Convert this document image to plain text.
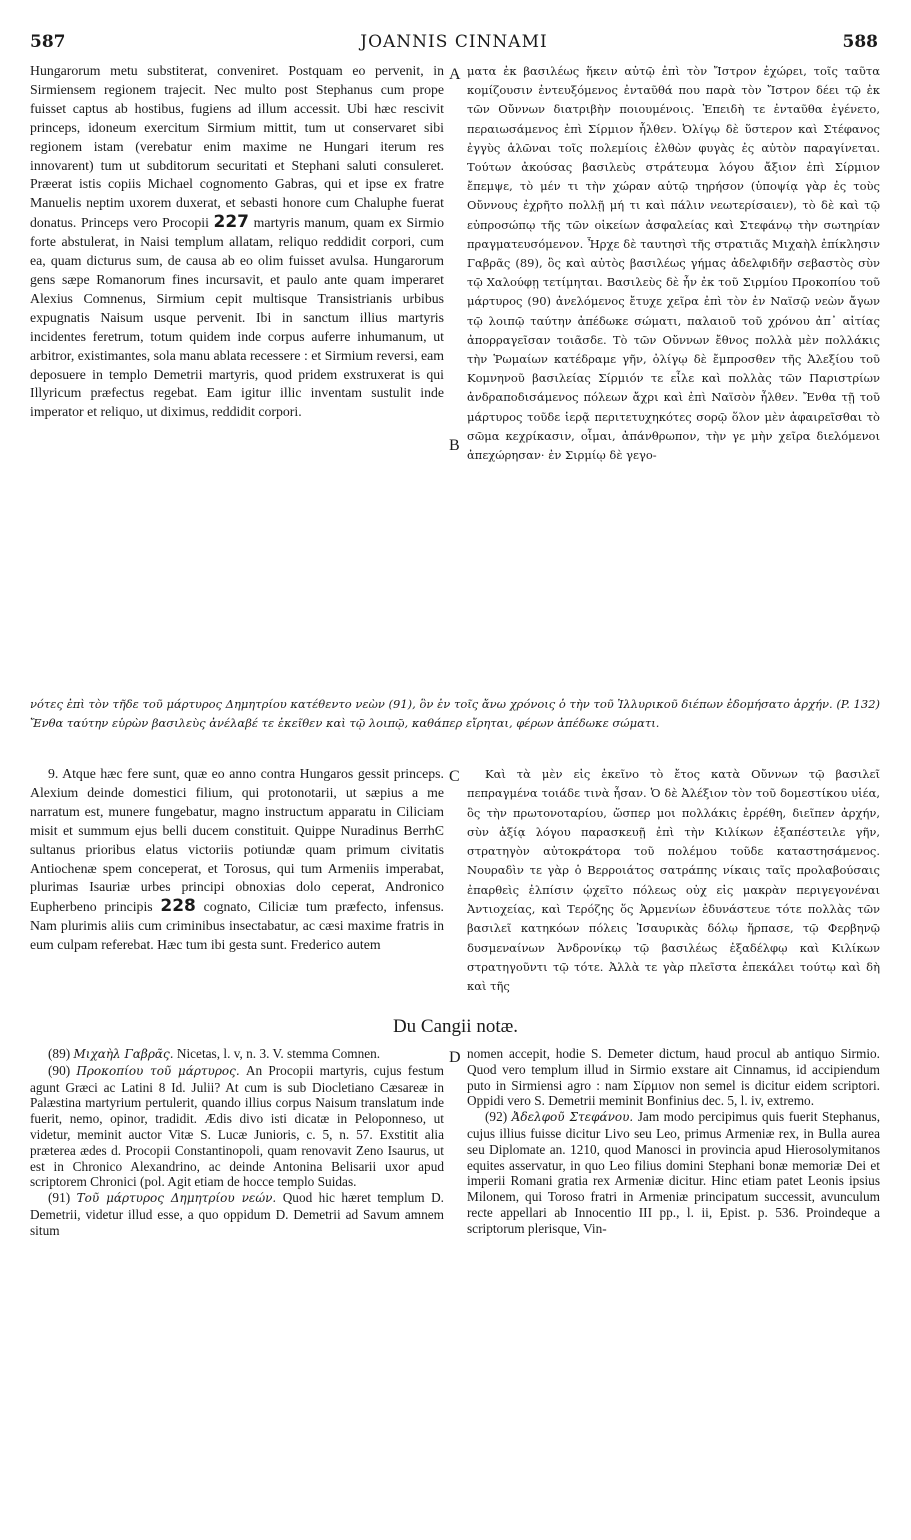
587	JOANNIS CINNAMI	588

Hungarorum metu substiterat, conveniret. Postquam eo pervenit, in Sirmiensem regionem trajecit. Nec multo post Stephanus cum prope fuisset captus ab hostibus, fugiens ad illum accessit. Ubi hæc rescivit princeps, idoneum exercitum Sirmium mittit, tum ut conservaret sibi regionem istam (verebatur enim maxime ne Hungari iterum res innovarent) tum ut subditorum securitati et Stephani saluti consuleret. Præerat istis copiis Michael cognomento Gabras, qui et ipse ex fratre Manuelis neptim uxorem duxerat, et sebasti honore cum Chaluphe fuerat donatus. Princeps vero Procopii 227 martyris manum, quam ex Sirmio forte abstulerat, in Naisi templum allatam, reliquo reddidit corpori, cum ea, quam dicturus sum, de causa ab eo olim fuisset avulsa. Hungarorum gens sæpe Romanorum fines incursavit, et paulo ante quam imperaret Alexius Comnenus, Sirmium cepit multisque Transistrianis urbibus expugnatis Naisum usque pervenit. Ibi in sanctum illius martyris incidentes feretrum, totum quidem inde corpus auferre inhumanum, ut arbitror, existimantes, sola manu ablata recessere : et Sirmium reversi, eam deposuere in templo Demetrii martyris, quod pridem exstruxerat is qui Illyricum præfectus regebat. Eam igitur illic inventam sustulit inde imperator et reliquo, ut diximus, reddidit corpori.

A
B

ματα ἐκ βασιλέως ἥκειν αὐτῷ ἐπὶ τὸν Ἴστρον ἐχώρει, τοῖς ταῦτα κομίζουσιν ἐντευξόμενος ἐνταῦθά που παρὰ τὸν Ἴστρον δέει τῷ ἐκ τῶν Οὔννων διατριβὴν ποιουμένοις. Ἐπειδὴ τε ἐνταῦθα ἐγένετο, περαιωσάμενος ἐπὶ Σίρμιον ἦλθεν. Ὀλίγῳ δὲ ὕστερον καὶ Στέφανος ἐγγὺς ἁλῶναι τοῖς πολεμίοις ἐλθὼν φυγὰς ἐς αὐτὸν παραγίνεται. Τούτων ἀκούσας βασιλεὺς στράτευμα λόγου ἄξιον ἐπὶ Σίρμιον ἔπεμψε, τὸ μέν τι τὴν χώραν αὐτῷ τηρήσον (ὑποψίᾳ γὰρ ἐς τοὺς Οὔννους ἐχρῆτο πολλῇ μή τι καὶ πάλιν νεωτερίσαιεν), τὸ δὲ καὶ τῷ εὐπροσώπῳ τῆς τῶν οἰκείων ἀσφαλείας καὶ Στεφάνῳ τὴν σωτηρίαν πραγματευσόμενον. Ἦρχε δὲ ταυτησὶ τῆς στρατιᾶς Μιχαὴλ ἐπίκλησιν Γαβρᾶς (89), ὃς καὶ αὐτὸς βασιλέως γήμας ἀδελφιδῆν σεβαστὸς σὺν τῷ Χαλούφῃ τετίμηται. Βασιλεὺς δὲ ἦν ἐκ τοῦ Σιρμίου Προκοπίου τοῦ μάρτυρος (90) ἀνελόμενος ἔτυχε χεῖρα ἐπὶ τὸν ἐν Ναϊσῷ νεὼν ἄγων τῷ λοιπῷ ταύτην ἀπέδωκε σώματι, παλαιοῦ τοῦ χρόνου ἀπ᾽ αἰτίας ἀπορραγεῖσαν τοιᾶσδε. Τὸ τῶν Οὔννων ἔθνος πολλὰ μὲν πολλάκις τὴν Ῥωμαίων κατέδραμε γῆν, ὀλίγῳ δὲ ἔμπροσθεν τῆς Ἀλεξίου τοῦ Κομνηνοῦ βασιλείας Σίρμιόν τε εἷλε καὶ πολλὰς τῶν Παριστρίων ἀνδραποδισάμενος πόλεων ἄχρι καὶ ἐπὶ Ναϊσὸν ἦλθεν. Ἔνθα τῇ τοῦ μάρτυρος τοῦδε ἱερᾷ περιτετυχηκότες σορῷ ὅλον μὲν ἀφαιρεῖσθαι τὸ σῶμα κεχρίκασιν, οἶμαι, ἀπάνθρωπον, τὴν γε μὴν χεῖρα διελόμενοι ἀπεχώρησαν· ἐν Σιρμίῳ δὲ γεγο-

νότες ἐπὶ τὸν τῆδε τοῦ μάρτυρος Δημητρίου κατέθεντο νεὼν (91), ὃν ἐν τοῖς ἄνω χρόνοις ὁ τὴν τοῦ Ἰλλυρικοῦ διέπων ἐδομήσατο ἀρχήν. (P. 132) Ἔνθα ταύτην εὑρὼν βασιλεὺς ἀνέλαβέ τε ἐκεῖθεν καὶ τῷ λοιπῷ, καθάπερ εἴρηται, φέρων ἀπέδωκε σώματι.

9. Atque hæc fere sunt, quæ eo anno contra Hungaros gessit princeps. Alexium deinde domestici filium, qui protonotarii, ut sæpius a me narratum est, munere fungebatur, magno instructum apparatu in Ciliciam misit et summum ejus belli ducem constituit. Quippe Nuradinus BerrhϾ sultanus prioribus elatus victoriis potiundæ quam primum civitatis Antiochenæ spem conceperat, et Torosus, qui tum Armeniis imperabat, plurimas Isauriæ urbes principi obnoxias dolo ceperat, Andronico Eupherbeno principis 228 cognato, Ciliciæ tum præfecto, infensus. Nam plurimis aliis cum criminibus insectabatur, ac cæsi maxime fratris in eum culpam referebat. Hæc tum ibi gesta sunt. Frederico autem

C	Καὶ τὰ μὲν εἰς ἐκεῖνο τὸ ἔτος κατὰ Οὔννων τῷ βασιλεῖ πεπραγμένα τοιάδε τινὰ ἦσαν. Ὁ δὲ Ἀλέξιον τὸν τοῦ δομεστίκου υἱέα, ὃς τὴν πρωτονοταρίου, ὥσπερ μοι πολλάκις ἐρρέθη, διεῖπεν ἀρχήν, σὺν ἀξίᾳ λόγου παρασκευῇ ἐπὶ τὴν Κιλίκων ἐξαπέστειλε γῆν, στρατηγὸν αὐτοκράτορα τοῦ πολέμου τοῦδε καταστησάμενος. Νουραδὶν τε γὰρ ὁ Βερροιάτος σατράπης νίκαις ταῖς προλαβούσαις ἐπαρθεὶς ἐλπίσιν ᾠχεῖτο πόλεως οὐχ εἰς μακρὰν περιγεγονέναι Ἀντιοχείας, καὶ Τερόζης ὅς Ἀρμενίων ἐδυνάστευε τότε πολλὰς τῶν βασιλεῖ κατηκόων πόλεις Ἰσαυρικὰς δόλῳ ἥρπασε, τῷ Φερβηνῷ δυσμεναίνων Ἀνδρονίκῳ τῷ βασιλέως ἐξαδέλφῳ καὶ Κιλίκων στρατηγοῦντι τῷ τότε. Ἀλλὰ τε γὰρ πλεῖστα ἐπεκάλει τούτῳ καὶ δὴ καὶ τῆς

Du Cangii notæ.

(89) Μιχαὴλ Γαβρᾶς. Nicetas, l. v, n. 3. V. stemma Comnen.

(90) Προκοπίου τοῦ μάρτυρος. An Procopii martyris, cujus festum agunt Græci ac Latini 8 Id. Julii? At cum is sub Diocletiano Cæsareæ in Palæstina martyrium pertulerit, quando illius corpus Naisum translatum inde fuerit, nemo, opinor, tradidit. Ædis divo isti dicatæ in Peloponneso, ut videtur, meminit auctor Vitæ S. Lucæ Junioris, c. 5, n. 57. Exstitit alia præterea ædes d. Procopii Constantinopoli, quam renovavit Zeno Isaurus, ut est in Chronico Alexandrino, ac deinde Antonina Belisarii uxor apud scriptorem Chronici (pol. Agit etiam de hocce templo Suidas.

(91) Τοῦ μάρτυρος Δημητρίου νεών. Quod hic hæret templum D. Demetrii, videtur illud esse, a quo oppidum D. Demetrii ad Savum amnem situm

D nomen accepit, hodie S. Demeter dictum, haud procul ab antiquo Sirmio. Quod vero templum illud in Sirmio exstare ait Cinnamus, id accipiendum puto in Sirmiensi agro : nam Σίρμιον non semel is dicitur eidem scriptori. Oppidi vero S. Demetrii meminit Bonfinius dec. 5, l. iv, extremo.

(92) Ἀδελφοῦ Στεφάνου. Jam modo percipimus quis fuerit Stephanus, cujus illius fuisse dicitur Livo seu Leo, primus Armeniæ rex, in Bulla aurea seu Diplomate an. 1210, quod Manosci in provincia apud Hierosolymitanos equites asservatur, in quo Leo filius domini Stephani bonæ memoriæ Dei et imperii Romani gratia rex Armeniæ dicitur. Hinc etiam patet Leonis ipsius Milonem, qui Toroso fratri in Armeniæ principatum successit, avunculum recte appellari ab Innocentio III pp., l. ii, Epist. p. 536. Proindeque a scriptorum plerisque, Vin-
